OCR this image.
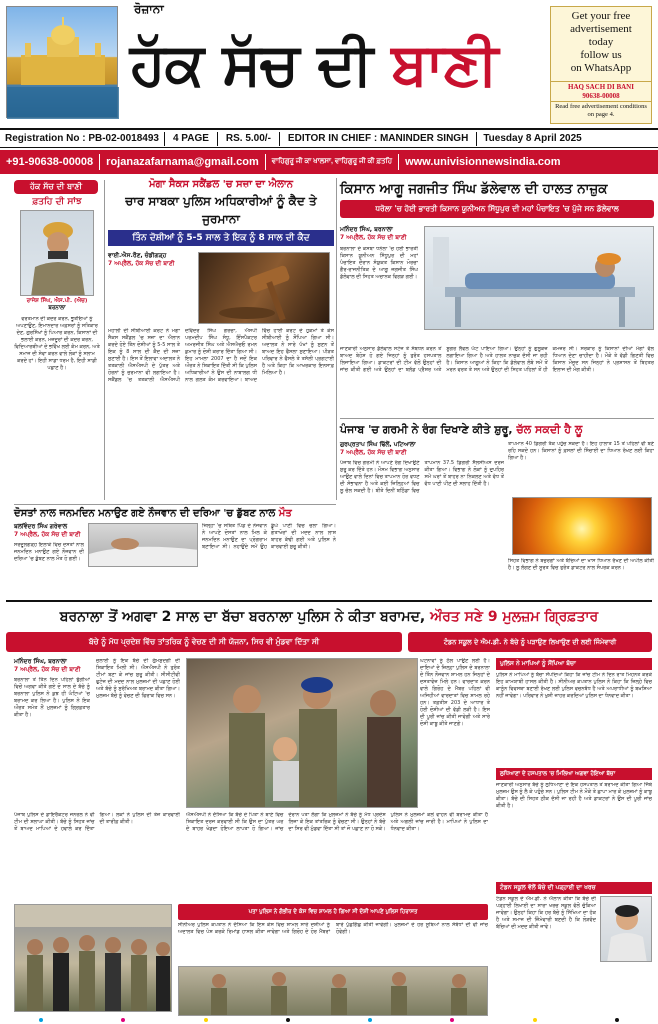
ਰੋਜ਼ਾਨਾ
ਹੱਕ ਸੱਚ ਦੀ ਬਾਣੀ
Get your free
advertisement
today
follow us
on WhatsApp
HAQ SACH DI BANI
90638-00008
Read free advertisement conditions on page 4.
Registration No : PB-02-0018493	4 PAGE	RS. 5.00/-	EDITOR IN CHIEF : MANINDER SINGH	Tuesday 8 April 2025
+91-90638-00008	rojanazafarnama@gmail.com	ਵਾਹਿਗੁਰੂ ਜੀ ਕਾ ਖਾਲਸਾ, ਵਾਹਿਗੁਰੂ ਜੀ ਕੀ ਫ਼ਤਹਿ	www.univisionnewsindia.com
ਹੱਕ ਸੱਚ ਦੀ ਬਾਣੀ
ਫ਼ਤਹਿ ਦੀ ਸਾਂਝ
ਰਾਜੇਸ਼ ਸਿੰਘ, ਐਸ.ਪੀ. (ਐਚ)
ਬਰਨਾਲਾ
ਵਰਤਮਾਨ ਦੀ ਕਦਰ ਕਰਨ, ਭੂਤੀਓਆਂ ਨੂੰ ਅਪਣਾਉਣ, ਇਮਾਨਦਾਰ ਅਫ਼ਸਰਾਂ ਨੂੰ ਸਤਿਕਾਰ ਦੇਣ, ਗੁਰਸਿੱਖਾਂ ਨੂੰ ਪਿਆਰ ਕਰਨ, ਕਿਸਾਨਾਂ ਦੀ ਭਲਾਈ ਕਰਨ, ਮਜ਼ਦੂਰਾਂ ਦੀ ਕਦਰ ਕਰਨ, ਵਿਦਿਆਰਥੀਆਂ ਦੇ ਭਵਿੱਖ ਲਈ ਕੰਮ ਕਰਨ, ਅਤੇ ਸਮਾਜ ਦੀ ਸੇਵਾ ਕਰਨ ਵਾਲੇ ਲੋਕਾਂ ਨੂੰ ਸਲਾਮ ਕਰਦੇ ਹਾਂ। ਇਹੀ ਸਾਡਾ ਧਰਮ ਹੈ, ਇਹੀ ਸਾਡੀ ਪਛਾਣ ਹੈ।
ਮੋਗਾ ਸੈਕਸ ਸਕੈਂਡਲ 'ਚ ਸਜ਼ਾ ਦਾ ਐਲਾਨ
ਚਾਰ ਸਾਬਕਾ ਪੁਲਿਸ ਅਧਿਕਾਰੀਆਂ ਨੂੰ ਕੈਦ ਤੇ ਜੁਰਮਾਨਾ
ਤਿੰਨ ਦੋਸ਼ੀਆਂ ਨੂੰ 5-5 ਸਾਲ ਤੇ ਇਕ ਨੂੰ 8 ਸਾਲ ਦੀ ਕੈਦ
ਵਾਈ.ਐਸ.ਰੌਣ, ਚੰਡੀਗੜ੍ਹ
7 ਅਪ੍ਰੈਲ, ਹੱਕ ਸੱਚ ਦੀ ਬਾਣੀ
ਮੋਹਾਲੀ ਦੀ ਸੀਬੀਆਈ ਕੋਰਟ ਨੇ ਮੋਗਾ ਸੈਕਸ ਸਕੈਂਡਲ 'ਚ ਸਜ਼ਾ ਦਾ ਐਲਾਨ ਕਰਦੇ ਹੋਏ ਤਿੰਨ ਦੋਸ਼ੀਆਂ ਨੂੰ 5-5 ਸਾਲ ਤੇ ਇਕ ਨੂੰ 8 ਸਾਲ ਦੀ ਕੈਦ ਦੀ ਸਜ਼ਾ ਸੁਣਾਈ ਹੈ। ਇਸ ਤੋਂ ਇਲਾਵਾ ਅਦਾਲਤ ਨੇ ਤਤਕਾਲੀ ਐਸਐਸਪੀ ਦੇ ਪੁੱਤਰ ਅਤੇ ਹੋਰਨਾਂ ਨੂੰ ਜੁਰਮਾਨਾ ਵੀ ਲਗਾਇਆ ਹੈ। ਸਕੈਂਡਲ 'ਚ ਤਤਕਾਲੀ ਐਸਐਸਪੀ ਦਵਿੰਦਰ ਸਿੰਘ ਗਰਚਾ, ਐਸਪੀ ਪਰਮਦੀਪ ਸਿੰਘ ਸੰਧੂ, ਇੰਸਪੈਕਟਰ ਅਮਰਜੀਤ ਸਿੰਘ ਅਤੇ ਐਸਐਚਓ ਰਮਨ ਕੁਮਾਰ ਨੂੰ ਦੋਸ਼ੀ ਕਰਾਰ ਦਿੱਤਾ ਗਿਆ ਸੀ। ਇਹ ਮਾਮਲਾ 2007 ਦਾ ਹੈ ਜਦੋਂ ਇਕ ਔਰਤ ਨੇ ਸ਼ਿਕਾਇਤ ਦਿੱਤੀ ਸੀ ਕਿ ਪੁਲਿਸ ਅਧਿਕਾਰੀਆਂ ਨੇ ਉਸ ਦੀ ਨਾਬਾਲਗ ਧੀ ਨਾਲ ਗਲਤ ਕੰਮ ਕਰਵਾਇਆ। ਬਾਅਦ ਵਿੱਚ ਹਾਈ ਕੋਰਟ ਦੇ ਹੁਕਮਾਂ ਤੇ ਕੇਸ ਸੀਬੀਆਈ ਨੂੰ ਸੌਂਪਿਆ ਗਿਆ ਸੀ। ਅਦਾਲਤ ਨੇ ਸਾਰੇ ਪੱਖਾਂ ਨੂੰ ਸੁਣਨ ਤੋਂ ਬਾਅਦ ਇਹ ਫੈਸਲਾ ਸੁਣਾਇਆ। ਪੀੜਤ ਪਰਿਵਾਰ ਨੇ ਫੈਸਲੇ ਤੇ ਤਸੱਲੀ ਪ੍ਰਗਟਾਈ ਹੈ ਅਤੇ ਕਿਹਾ ਕਿ ਆਖਰਕਾਰ ਇਨਸਾਫ਼ ਮਿਲਿਆ ਹੈ।
ਕਿਸਾਨ ਆਗੂ ਜਗਜੀਤ ਸਿੰਘ ਡੱਲੇਵਾਲ ਦੀ ਹਾਲਤ ਨਾਜ਼ੁਕ
ਧਰੋਲਾ 'ਚ ਹੋਈ ਭਾਰਤੀ ਕਿਸਾਨ ਯੂਨੀਅਨ ਸਿੱਧੂਪੁਰ ਦੀ ਮਹਾਂ ਪੰਚਾਇਤ 'ਚ ਪੁੱਜੇ ਸਨ ਡੱਲੇਵਾਲ
ਮਨਿੰਦਰ ਸਿੰਘ, ਬਰਨਾਲਾ
7 ਅਪ੍ਰੈਲ, ਹੱਕ ਸੱਚ ਦੀ ਬਾਣੀ
ਬਰਨਾਲਾ ਦੇ ਕਸਬਾ ਧਨੌਲਾ 'ਚ ਹੋਈ ਭਾਰਤੀ ਕਿਸਾਨ ਯੂਨੀਅਨ ਸਿੱਧੂਪੁਰ ਦੀ ਮਹਾਂ ਪੰਚਾਇਤ ਦੌਰਾਨ ਸੰਯੁਕਤ ਕਿਸਾਨ ਮੋਰਚਾ ਗੈਰ-ਰਾਜਨੀਤਿਕ ਦੇ ਆਗੂ ਜਗਜੀਤ ਸਿੰਘ ਡੱਲੇਵਾਲ ਦੀ ਸਿਹਤ ਅਚਾਨਕ ਵਿਗੜ ਗਈ।
ਜਾਣਕਾਰੀ ਅਨੁਸਾਰ ਡੱਲੇਵਾਲ ਸਟੇਜ ਤੇ ਸੰਬੋਧਨ ਕਰਨ ਤੋਂ ਬਾਅਦ ਬੇਹੋਸ਼ ਹੋ ਗਏ ਜਿਨ੍ਹਾਂ ਨੂੰ ਤੁਰੰਤ ਹਸਪਤਾਲ ਲਿਜਾਇਆ ਗਿਆ। ਡਾਕਟਰਾਂ ਦੀ ਟੀਮ ਵੱਲੋਂ ਉਨ੍ਹਾਂ ਦੀ ਜਾਂਚ ਕੀਤੀ ਗਈ ਅਤੇ ਉਨ੍ਹਾਂ ਦਾ ਬਲੱਡ ਪ੍ਰੈਸ਼ਰ ਅਤੇ ਸ਼ੂਗਰ ਲੈਵਲ ਘੱਟ ਪਾਇਆ ਗਿਆ। ਉਨ੍ਹਾਂ ਨੂੰ ਗੁਲੂਕੋਜ਼ ਲਗਾਇਆ ਗਿਆ ਹੈ ਅਤੇ ਹਾਲਤ ਨਾਜ਼ੁਕ ਦੱਸੀ ਜਾ ਰਹੀ ਹੈ। ਕਿਸਾਨ ਆਗੂਆਂ ਨੇ ਕਿਹਾ ਕਿ ਡੱਲੇਵਾਲ ਲੰਬੇ ਸਮੇਂ ਤੋਂ ਮਰਨ ਵਰਤ ਤੇ ਸਨ ਅਤੇ ਉਨ੍ਹਾਂ ਦੀ ਸਿਹਤ ਪਹਿਲਾਂ ਤੋਂ ਹੀ ਕਮਜ਼ੋਰ ਸੀ। ਸਰਕਾਰ ਨੂੰ ਕਿਸਾਨਾਂ ਦੀਆਂ ਮੰਗਾਂ ਵੱਲ ਧਿਆਨ ਦੇਣਾ ਚਾਹੀਦਾ ਹੈ। ਮੌਕੇ ਤੇ ਵੱਡੀ ਗਿਣਤੀ ਵਿਚ ਕਿਸਾਨ ਮੌਜੂਦ ਸਨ ਜਿਨ੍ਹਾਂ ਨੇ ਪ੍ਰਸ਼ਾਸਨ ਤੋਂ ਬਿਹਤਰ ਇਲਾਜ ਦੀ ਮੰਗ ਕੀਤੀ।
ਪੰਜਾਬ 'ਚ ਗਰਮੀ ਨੇ ਰੰਗ ਦਿਖਾਣੇ ਕੀਤੇ ਸ਼ੁਰੂ, ਚੱਲ ਸਕਦੀ ਹੈ ਲੂ
ਗੁਰਪ੍ਰਤਾਪ ਸਿੰਘ ਢਿੱਲੋਂ, ਪਟਿਆਲਾ
7 ਅਪ੍ਰੈਲ, ਹੱਕ ਸੱਚ ਦੀ ਬਾਣੀ
ਪੰਜਾਬ ਵਿਚ ਗਰਮੀ ਨੇ ਆਪਣੇ ਰੰਗ ਦਿਖਾਉਣੇ ਸ਼ੁਰੂ ਕਰ ਦਿੱਤੇ ਹਨ। ਮੌਸਮ ਵਿਭਾਗ ਅਨੁਸਾਰ ਆਉਣ ਵਾਲੇ ਦਿਨਾਂ ਵਿਚ ਤਾਪਮਾਨ ਹੋਰ ਵਧਣ ਦੀ ਸੰਭਾਵਨਾ ਹੈ ਅਤੇ ਕਈ ਜ਼ਿਲ੍ਹਿਆਂ ਵਿਚ ਲੂ ਚੱਲ ਸਕਦੀ ਹੈ। ਬੀਤੇ ਦਿਨੀਂ ਬਠਿੰਡਾ ਵਿਚ ਤਾਪਮਾਨ 37.5 ਡਿਗਰੀ ਸੈਲਸੀਅਸ ਦਰਜ ਕੀਤਾ ਗਿਆ। ਵਿਭਾਗ ਨੇ ਲੋਕਾਂ ਨੂੰ ਦੁਪਹਿਰ ਸਮੇਂ ਘਰਾਂ ਤੋਂ ਬਾਹਰ ਨਾ ਨਿਕਲਣ ਅਤੇ ਵੱਧ ਤੋਂ ਵੱਧ ਪਾਣੀ ਪੀਣ ਦੀ ਸਲਾਹ ਦਿੱਤੀ ਹੈ।
ਤਾਪਮਾਨ 40 ਡਿਗਰੀ ਤੱਕ ਪਹੁੰਚ ਸਕਦਾ ਹੈ। ਇਹ ਹਾਲਾਤ 15 ਤੋਂ ਪਹਿਲਾਂ ਵੀ ਬਣੇ ਰਹਿ ਸਕਦੇ ਹਨ। ਕਿਸਾਨਾਂ ਨੂੰ ਫ਼ਸਲਾਂ ਦੀ ਸਿੰਚਾਈ ਦਾ ਧਿਆਨ ਰੱਖਣ ਲਈ ਕਿਹਾ ਗਿਆ ਹੈ।
ਸਿਹਤ ਵਿਭਾਗ ਨੇ ਬਜ਼ੁਰਗਾਂ ਅਤੇ ਬੱਚਿਆਂ ਦਾ ਖਾਸ ਧਿਆਨ ਰੱਖਣ ਦੀ ਅਪੀਲ ਕੀਤੀ ਹੈ। ਲੂ ਲੱਗਣ ਦੀ ਸੂਰਤ ਵਿਚ ਤੁਰੰਤ ਡਾਕਟਰ ਨਾਲ ਸੰਪਰਕ ਕਰਨ।
ਦੋਸਤਾਂ ਨਾਲ ਜਨਮਦਿਨ ਮਨਾਉਣ ਗਏ ਨੌਜਵਾਨ ਦੀ ਦਰਿਆ 'ਚ ਡੁੱਬਣ ਨਾਲ ਮੌਤ
ਬਲਵਿੰਦਰ ਸਿੰਘ ਗਰੇਵਾਲ
7 ਅਪ੍ਰੈਲ, ਹੱਕ ਸੱਚ ਦੀ ਬਾਣੀ
ਸਰਦੂਲਗੜ੍ਹ ਇਲਾਕੇ ਵਿਚ ਦੋਸਤਾਂ ਨਾਲ ਜਨਮਦਿਨ ਮਨਾਉਣ ਗਏ ਨੌਜਵਾਨ ਦੀ ਦਰਿਆ 'ਚ ਡੁੱਬਣ ਨਾਲ ਮੌਤ ਹੋ ਗਈ।
ਜ਼ਿਲ੍ਹਾ 'ਚ ਸਥਿਤ ਪਿੰਡ ਦੇ ਨੌਜਵਾਨ ਨੇ ਆਪਣੇ ਦੋਸਤਾਂ ਨਾਲ ਮਿਲ ਕੇ ਜਨਮਦਿਨ ਮਨਾਉਣ ਦਾ ਪ੍ਰੋਗਰਾਮ ਬਣਾਇਆ ਸੀ। ਨਹਾਉਂਦੇ ਸਮੇਂ ਉਹ ਡੂੰਘੇ ਪਾਣੀ ਵਿਚ ਚਲਾ ਗਿਆ। ਗੋਤਾਖੋਰਾਂ ਦੀ ਮਦਦ ਨਾਲ ਲਾਸ਼ ਬਾਹਰ ਕੱਢੀ ਗਈ ਅਤੇ ਪੁਲਿਸ ਨੇ ਕਾਰਵਾਈ ਸ਼ੁਰੂ ਕੀਤੀ।
ਬਰਨਾਲਾ ਤੋਂ ਅਗਵਾ 2 ਸਾਲ ਦਾ ਬੱਚਾ ਬਰਨਾਲਾ ਪੁਲਿਸ ਨੇ ਕੀਤਾ ਬਰਾਮਦ, ਔਰਤ ਸਣੇ 9 ਮੁਲਜ਼ਮ ਗ੍ਰਿਫ਼ਤਾਰ
ਬੱਚੇ ਨੂੰ ਮੱਧ ਪ੍ਰਦੇਸ਼ ਵਿੱਚ ਤਾਂਤਰਿਕ ਨੂੰ ਵੇਚਣ ਦੀ ਸੀ ਯੋਜਨਾ, ਸਿਰ ਵੀ ਮੁੰਡਵਾ ਦਿੱਤਾ ਸੀ	ਟੰਡਨ ਸਕੂਲ ਦੇ ਐਮ.ਡੀ. ਨੇ ਬੱਚੇ ਨੂੰ ਪੜਾਉਣ ਲਿਖਾਉਣ ਦੀ ਲਈ ਜਿੰਮੇਵਾਰੀ
ਮਨਿੰਦਰ ਸਿੰਘ, ਬਰਨਾਲਾ
7 ਅਪ੍ਰੈਲ, ਹੱਕ ਸੱਚ ਦੀ ਬਾਣੀ
ਬਰਨਾਲਾ ਤੋਂ ਤਿੰਨ ਦਿਨ ਪਹਿਲਾਂ ਝੁੱਗੀਆਂ ਵਿਚੋਂ ਅਗਵਾ ਕੀਤੇ ਗਏ ਦੋ ਸਾਲ ਦੇ ਬੱਚੇ ਨੂੰ ਬਰਨਾਲਾ ਪੁਲਿਸ ਨੇ ਕੁਝ ਹੀ ਘੰਟਿਆਂ 'ਚ ਬਰਾਮਦ ਕਰ ਲਿਆ ਹੈ। ਪੁਲਿਸ ਨੇ ਇਕ ਔਰਤ ਸਮੇਤ ਨੌਂ ਮੁਲਜ਼ਮਾਂ ਨੂੰ ਗ੍ਰਿਫ਼ਤਾਰ ਕੀਤਾ ਹੈ।
ਜੁਲਾਈ ਨੂੰ ਇਕ ਬੱਚੇ ਦੀ ਗੁੰਮਸ਼ੁਦਗੀ ਦੀ ਸ਼ਿਕਾਇਤ ਮਿਲੀ ਸੀ। ਐਸਐਸਪੀ ਨੇ ਤੁਰੰਤ ਟੀਮਾਂ ਬਣਾ ਕੇ ਜਾਂਚ ਸ਼ੁਰੂ ਕੀਤੀ। ਸੀਸੀਟੀਵੀ ਫੁਟੇਜ ਦੀ ਮਦਦ ਨਾਲ ਮੁਲਜ਼ਮਾਂ ਦੀ ਪਛਾਣ ਹੋਈ ਅਤੇ ਬੱਚੇ ਨੂੰ ਸੁਰੱਖਿਅਤ ਬਰਾਮਦ ਕੀਤਾ ਗਿਆ। ਮੁਲਜ਼ਮ ਬੱਚੇ ਨੂੰ ਵੇਚਣ ਦੀ ਫਿਰਾਕ ਵਿਚ ਸਨ।
ਐਸਐਸਪੀ ਨੇ ਦੱਸਿਆ ਕਿ ਬੱਚੇ ਦੇ ਪਿਤਾ ਨੇ ਥਾਣੇ ਵਿਚ ਸ਼ਿਕਾਇਤ ਦਰਜ ਕਰਵਾਈ ਸੀ ਕਿ ਉਸ ਦਾ ਪੁੱਤਰ ਘਰ ਦੇ ਬਾਹਰ ਖੇਡਦਾ ਹੋਇਆ ਲਾਪਤਾ ਹੋ ਗਿਆ। ਜਾਂਚ ਦੌਰਾਨ ਪਤਾ ਲੱਗਾ ਕਿ ਮੁਲਜ਼ਮਾਂ ਨੇ ਬੱਚੇ ਨੂੰ ਮੱਧ ਪ੍ਰਦੇਸ਼ ਲਿਜਾ ਕੇ ਇਕ ਤਾਂਤਰਿਕ ਨੂੰ ਵੇਚਣਾ ਸੀ। ਉਨ੍ਹਾਂ ਨੇ ਬੱਚੇ ਦਾ ਸਿਰ ਵੀ ਮੁੰਡਵਾ ਦਿੱਤਾ ਸੀ ਤਾਂ ਜੋ ਪਛਾਣ ਨਾ ਹੋ ਸਕੇ। ਪੁਲਿਸ ਨੇ ਮੁਲਜ਼ਮਾਂ ਕੋਲੋਂ ਵਾਹਨ ਵੀ ਬਰਾਮਦ ਕੀਤਾ ਹੈ ਅਤੇ ਅਗਲੀ ਜਾਂਚ ਜਾਰੀ ਹੈ। ਮਾਪਿਆਂ ਨੇ ਪੁਲਿਸ ਦਾ ਧੰਨਵਾਦ ਕੀਤਾ।
ਪੰਜਾਬ ਪੁਲਿਸ ਦੇ ਡਾਇਰੈਕਟਰ ਜਨਰਲ ਨੇ ਵੀ ਟੀਮ ਦੀ ਸ਼ਲਾਘਾ ਕੀਤੀ। ਬੱਚੇ ਨੂੰ ਸਿਹਤ ਜਾਂਚ ਤੋਂ ਬਾਅਦ ਮਾਪਿਆਂ ਦੇ ਹਵਾਲੇ ਕਰ ਦਿੱਤਾ ਗਿਆ। ਲੋਕਾਂ ਨੇ ਪੁਲਿਸ ਦੀ ਤੇਜ਼ ਕਾਰਵਾਈ ਦੀ ਤਾਰੀਫ਼ ਕੀਤੀ।
ਘਟਨਾਵਾਂ ਨੂੰ ਠੱਲ ਪਾਉਣ ਲਈ ਹੈ। ਦਾਇਆਂ ਦੇ ਜ਼ਿਲ੍ਹਾ ਪੁਲਿਸ ਦੇ ਬਰਨਾਲਾ ਦੇ ਤਿੰਨ ਨੌਜਵਾਨ ਸ਼ਾਮਲ ਹਨ ਜਿਨ੍ਹਾਂ ਦੇ ਦਸਤਾਵੇਜ਼ ਮਿਲੇ ਹਨ। ਵਾਰਦਾਤ ਕਰਨ ਵਾਲੇ ਗਿਰੋਹ ਦੇ ਮੈਂਬਰ ਪਹਿਲਾਂ ਵੀ ਅਜਿਹੀਆਂ ਵਾਰਦਾਤਾਂ ਵਿਚ ਸ਼ਾਮਲ ਰਹੇ ਹਨ। ਤਫ਼ਤੀਸ਼ 203 ਦੇ ਆਧਾਰ ਤੇ ਹੋਈ ਦੋਸ਼ੀਆਂ ਦੀ ਵੱਡੀ ਲੜੀ ਹੈ। ਇਸ ਦੀ ਪੂਰੀ ਜਾਂਚ ਕੀਤੀ ਜਾਵੇਗੀ ਅਤੇ ਸਾਰੇ ਦੋਸ਼ੀ ਕਾਬੂ ਕੀਤੇ ਜਾਣਗੇ।
ਪਤਾ ਪੁਲਿਸ ਨੇ ਗੰਭੀਰ ਦੇ ਕੇਸ ਵਿਚ ਸ਼ਾਮਲ ਹੋ ਗਿਆ ਸੀ ਦੋਸ਼ੀ ਆਪਣੇ ਪੁਲਿਸ ਹਿਰਾਸਤ
ਸੀਨੀਅਰ ਪੁਲਿਸ ਕਪਤਾਨ ਨੇ ਦੱਸਿਆ ਕਿ ਇਸ ਕੇਸ ਵਿਚ ਸ਼ਾਮਲ ਸਾਰੇ ਦੋਸ਼ੀਆਂ ਨੂੰ ਅਦਾਲਤ ਵਿਚ ਪੇਸ਼ ਕਰਕੇ ਰਿਮਾਂਡ ਹਾਸਲ ਕੀਤਾ ਜਾਵੇਗਾ ਅਤੇ ਗਿਰੋਹ ਦੇ ਹੋਰ ਮੈਂਬਰਾਂ ਬਾਰੇ ਪੁੱਛਗਿੱਛ ਕੀਤੀ ਜਾਵੇਗੀ। ਮੁਲਜ਼ਮਾਂ ਦੇ ਹੋਰ ਸੂਬਿਆਂ ਨਾਲ ਸੰਬੰਧਾਂ ਦੀ ਵੀ ਜਾਂਚ ਹੋਵੇਗੀ।
ਪੁਲਿਸ ਨੇ ਮਾਪਿਆਂ ਨੂੰ ਸੌਂਪਿਆ ਬੱਚਾ
ਪੁਲਿਸ ਨੇ ਮਾਪਿਆਂ ਨੂੰ ਬੱਚਾ ਸੌਂਪਦਿਆਂ ਕਿਹਾ ਕਿ ਜਾਂਚ ਟੀਮ ਨੇ ਦਿਨ ਰਾਤ ਮਿਹਨਤ ਕਰਕੇ ਇਹ ਕਾਮਯਾਬੀ ਹਾਸਲ ਕੀਤੀ ਹੈ। ਸੀਨੀਅਰ ਕਪਤਾਨ ਪੁਲਿਸ ਨੇ ਕਿਹਾ ਕਿ ਜ਼ਿਲ੍ਹੇ ਵਿਚ ਕਾਨੂੰਨ ਵਿਵਸਥਾ ਬਣਾਈ ਰੱਖਣ ਲਈ ਪੁਲਿਸ ਵਚਨਬੱਧ ਹੈ ਅਤੇ ਅਪਰਾਧੀਆਂ ਨੂੰ ਬਖ਼ਸ਼ਿਆ ਨਹੀਂ ਜਾਵੇਗਾ। ਪਰਿਵਾਰ ਨੇ ਖੁਸ਼ੀ ਜ਼ਾਹਰ ਕਰਦਿਆਂ ਪੁਲਿਸ ਦਾ ਧੰਨਵਾਦ ਕੀਤਾ।
ਲੁਧਿਆਣਾ ਦੇ ਹਸਪਤਾਲ 'ਚ ਮਿਲਿਆ ਅਗਵਾ ਹੋਇਆ ਬੱਚਾ
ਜਾਣਕਾਰੀ ਅਨੁਸਾਰ ਬੱਚੇ ਨੂੰ ਲੁਧਿਆਣਾ ਦੇ ਇਕ ਹਸਪਤਾਲ ਤੋਂ ਬਰਾਮਦ ਕੀਤਾ ਗਿਆ ਜਿੱਥੇ ਮੁਲਜ਼ਮ ਉਸ ਨੂੰ ਲੈ ਕੇ ਪਹੁੰਚੇ ਸਨ। ਪੁਲਿਸ ਟੀਮ ਨੇ ਮੌਕੇ ਤੇ ਛਾਪਾ ਮਾਰ ਕੇ ਮੁਲਜ਼ਮਾਂ ਨੂੰ ਕਾਬੂ ਕੀਤਾ। ਬੱਚੇ ਦੀ ਸਿਹਤ ਠੀਕ ਦੱਸੀ ਜਾ ਰਹੀ ਹੈ ਅਤੇ ਡਾਕਟਰਾਂ ਨੇ ਉਸ ਦੀ ਪੂਰੀ ਜਾਂਚ ਕੀਤੀ ਹੈ।
ਟੰਡਨ ਸਕੂਲ ਵੱਲੋਂ ਬੱਚੇ ਦੀ ਪੜ੍ਹਾਈ ਦਾ ਖਰਚ
ਟੰਡਨ ਸਕੂਲ ਦੇ ਐਮ.ਡੀ. ਨੇ ਐਲਾਨ ਕੀਤਾ ਕਿ ਬੱਚੇ ਦੀ ਪੜ੍ਹਾਈ ਲਿਖਾਈ ਦਾ ਸਾਰਾ ਖਰਚ ਸਕੂਲ ਵੱਲੋਂ ਚੁੱਕਿਆ ਜਾਵੇਗਾ। ਉਨ੍ਹਾਂ ਕਿਹਾ ਕਿ ਹਰ ਬੱਚੇ ਨੂੰ ਸਿੱਖਿਆ ਦਾ ਹੱਕ ਹੈ ਅਤੇ ਸਮਾਜ ਦੀ ਜ਼ਿੰਮੇਵਾਰੀ ਬਣਦੀ ਹੈ ਕਿ ਲੋੜਵੰਦ ਬੱਚਿਆਂ ਦੀ ਮਦਦ ਕੀਤੀ ਜਾਵੇ।
